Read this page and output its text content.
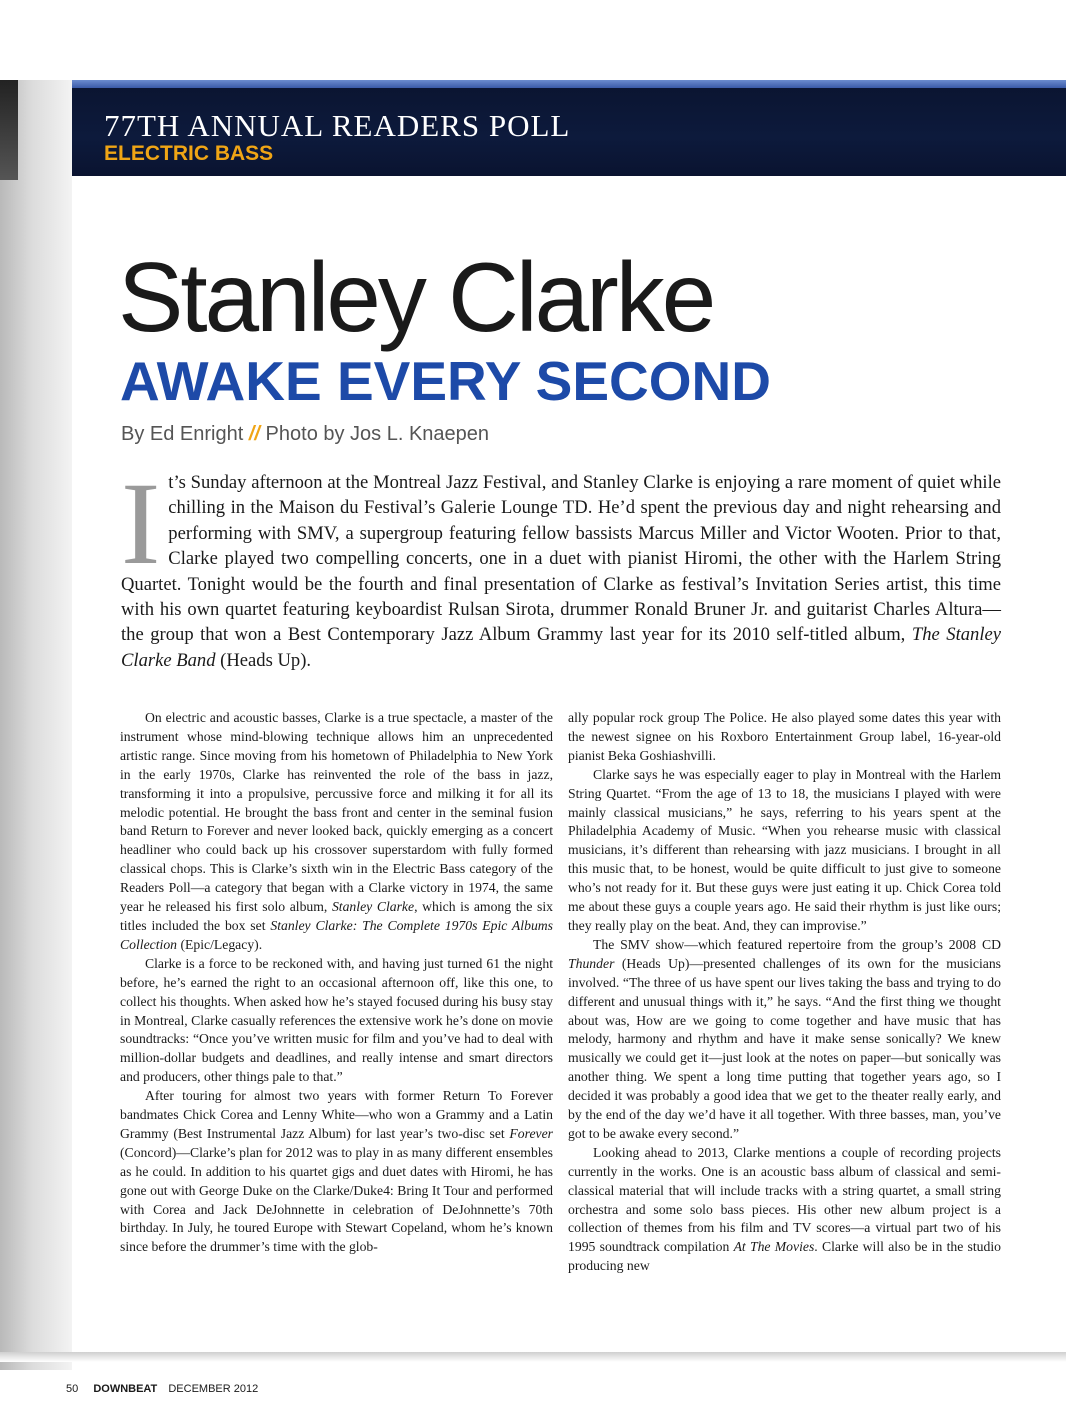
77TH ANNUAL READERS POLL
ELECTRIC BASS
Stanley Clarke
AWAKE EVERY SECOND
By Ed Enright // Photo by Jos L. Knaepen
It’s Sunday afternoon at the Montreal Jazz Festival, and Stanley Clarke is enjoying a rare moment of quiet while chilling in the Maison du Festival’s Galerie Lounge TD. He’d spent the previous day and night rehearsing and performing with SMV, a supergroup featuring fellow bassists Marcus Miller and Victor Wooten. Prior to that, Clarke played two compelling concerts, one in a duet with pianist Hiromi, the other with the Harlem String Quartet. Tonight would be the fourth and final presentation of Clarke as festival’s Invitation Series artist, this time with his own quartet featuring keyboardist Rulsan Sirota, drummer Ronald Bruner Jr. and guitarist Charles Altura—the group that won a Best Contemporary Jazz Album Grammy last year for its 2010 self-titled album, The Stanley Clarke Band (Heads Up).

On electric and acoustic basses, Clarke is a true spectacle, a master of the instrument whose mind-blowing technique allows him an unprecedented artistic range. Since moving from his hometown of Philadelphia to New York in the early 1970s, Clarke has reinvented the role of the bass in jazz, transforming it into a propulsive, percussive force and milking it for all its melodic potential. He brought the bass front and center in the seminal fusion band Return to Forever and never looked back, quickly emerging as a concert headliner who could back up his crossover superstardom with fully formed classical chops. This is Clarke’s sixth win in the Electric Bass category of the Readers Poll—a category that began with a Clarke victory in 1974, the same year he released his first solo album, Stanley Clarke, which is among the six titles included the box set Stanley Clarke: The Complete 1970s Epic Albums Collection (Epic/Legacy).

Clarke is a force to be reckoned with, and having just turned 61 the night before, he’s earned the right to an occasional afternoon off, like this one, to collect his thoughts. When asked how he’s stayed focused during his busy stay in Montreal, Clarke casually references the extensive work he’s done on movie soundtracks: “Once you’ve written music for film and you’ve had to deal with million-dollar budgets and deadlines, and really intense and smart directors and producers, other things pale to that.”

After touring for almost two years with former Return To Forever bandmates Chick Corea and Lenny White—who won a Grammy and a Latin Grammy (Best Instrumental Jazz Album) for last year’s two-disc set Forever (Concord)—Clarke’s plan for 2012 was to play in as many different ensembles as he could. In addition to his quartet gigs and duet dates with Hiromi, he has gone out with George Duke on the Clarke/Duke4: Bring It Tour and performed with Corea and Jack DeJohnnette in celebration of DeJohnnette’s 70th birthday. In July, he toured Europe with Stewart Copeland, whom he’s known since before the drummer’s time with the glob-

ally popular rock group The Police. He also played some dates this year with the newest signee on his Roxboro Entertainment Group label, 16-year-old pianist Beka Goshiashvilli.

Clarke says he was especially eager to play in Montreal with the Harlem String Quartet. “From the age of 13 to 18, the musicians I played with were mainly classical musicians,” he says, referring to his years spent at the Philadelphia Academy of Music. “When you rehearse music with classical musicians, it’s different than rehearsing with jazz musicians. I brought in all this music that, to be honest, would be quite difficult to just give to someone who’s not ready for it. But these guys were just eating it up. Chick Corea told me about these guys a couple years ago. He said their rhythm is just like ours; they really play on the beat. And, they can improvise.”

The SMV show—which featured repertoire from the group’s 2008 CD Thunder (Heads Up)—presented challenges of its own for the musicians involved. “The three of us have spent our lives taking the bass and trying to do different and unusual things with it,” he says. “And the first thing we thought about was, How are we going to come together and have music that has melody, harmony and rhythm and have it make sense sonically? We knew musically we could get it—just look at the notes on paper—but sonically was another thing. We spent a long time putting that together years ago, so I decided it was probably a good idea that we get to the theater really early, and by the end of the day we’d have it all together. With three basses, man, you’ve got to be awake every second.”

Looking ahead to 2013, Clarke mentions a couple of recording projects currently in the works. One is an acoustic bass album of classical and semi-classical material that will include tracks with a string quartet, a small string orchestra and some solo bass pieces. His other new album project is a collection of themes from his film and TV scores—a virtual part two of his 1995 soundtrack compilation At The Movies. Clarke will also be in the studio producing new

50 DOWNBEAT DECEMBER 2012
